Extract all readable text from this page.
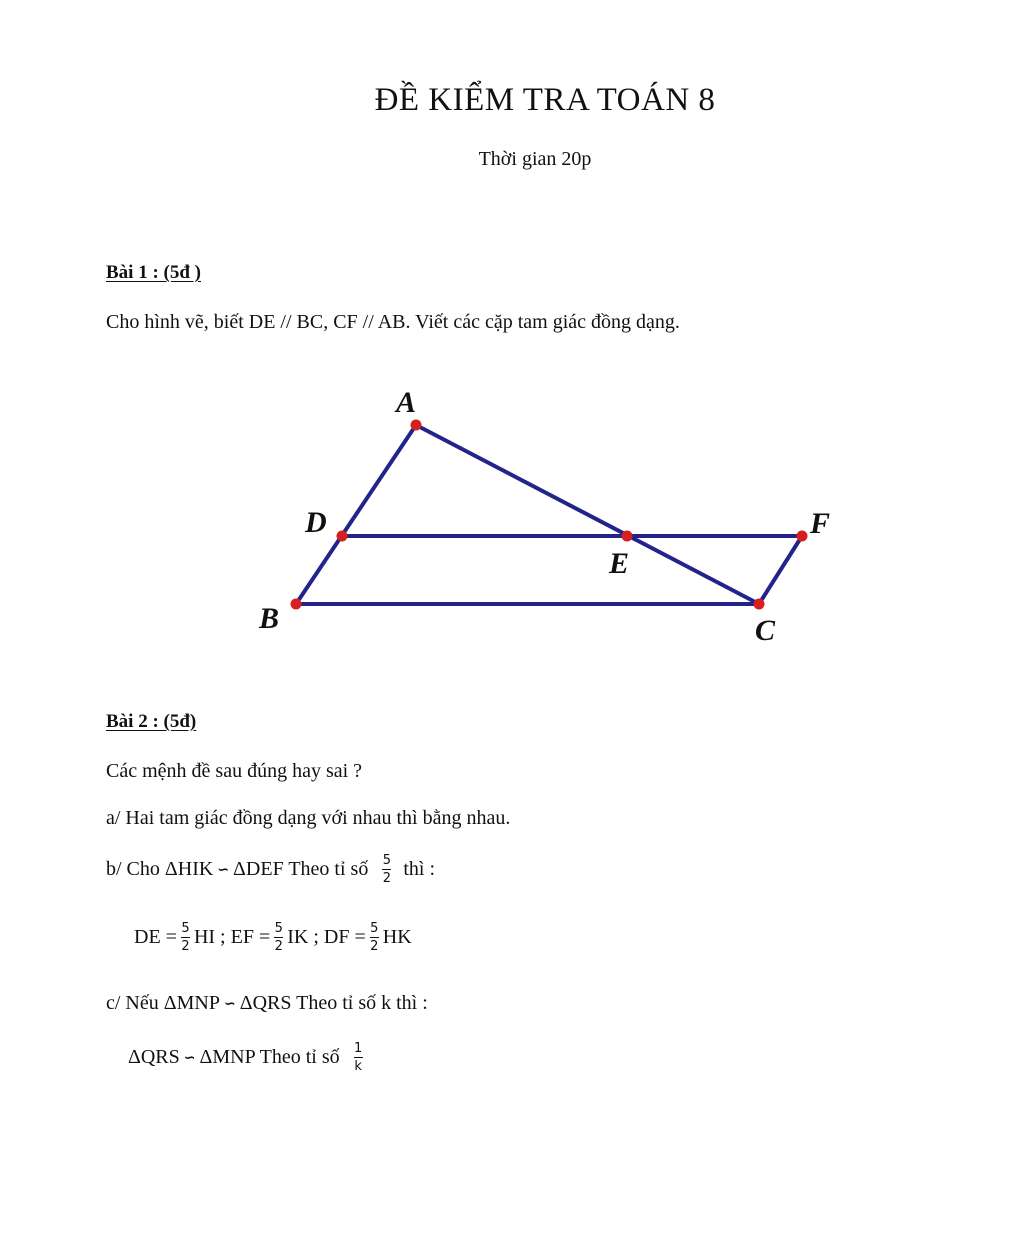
ĐỀ KIỂM TRA TOÁN 8
Thời gian 20p
Bài 1 : (5đ )
Cho hình vẽ, biết DE // BC, CF // AB. Viết các cặp tam giác đồng dạng.
A
D
E
F
B	C
Bài 2 : (5đ)
Các mệnh đề sau đúng hay sai ?
a/ Hai tam giác đồng dạng với nhau thì bằng nhau.
b/ Cho ΔHIK ∽ ΔDEF Theo tỉ số $\frac{5}{2}$ thì :
DE = $\frac{5}{2}$ HI ; EF = $\frac{5}{2}$ IK ; DF = $\frac{5}{2}$ HK
c/ Nếu ΔMNP ∽ ΔQRS Theo tỉ số k thì :
ΔQRS ∽ ΔMNP Theo tỉ số $\frac{1}{k}$
